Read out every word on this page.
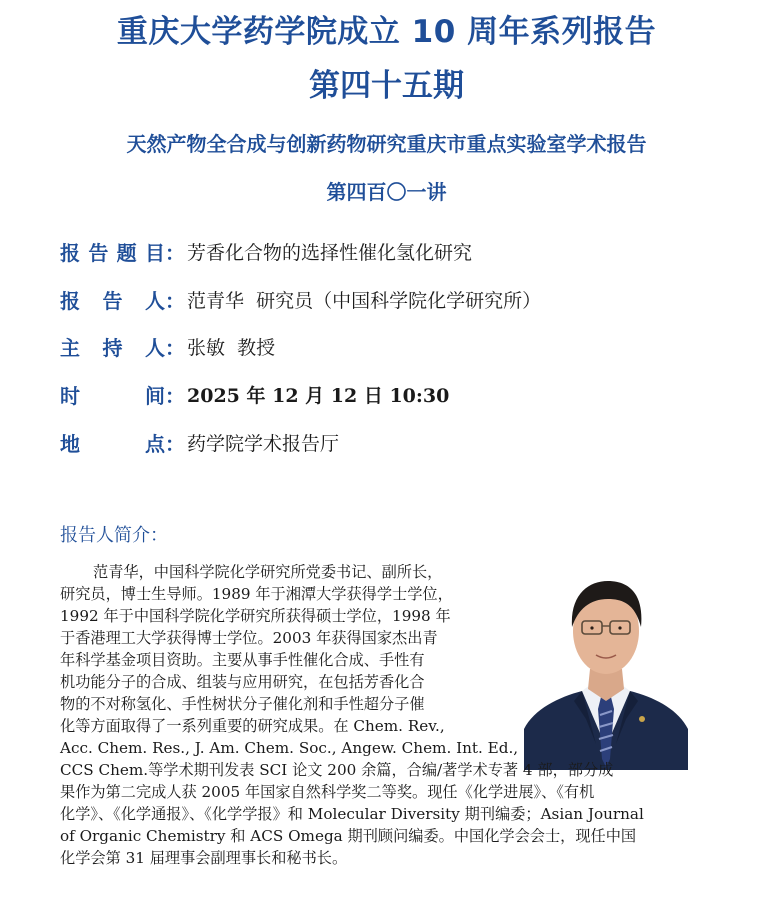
重庆大学药学院成立 10 周年系列报告
第四十五期
天然产物全合成与创新药物研究重庆市重点实验室学术报告
第四百〇一讲
报 告 题 目 ： 芳香化合物的选择性催化氢化研究
报 告 人 ： 范青华  研究员（中国科学院化学研究所）
主 持 人 ： 张敏  教授
时	间 ： 2025 年 12 月 12 日 10:30
地	点 ： 药学院学术报告厅
报告人简介：
范青华，中国科学院化学研究所党委书记、副所长，
研究员，博士生导师。1989 年于湘潭大学获得学士学位，
1992 年于中国科学院化学研究所获得硕士学位，1998 年
于香港理工大学获得博士学位。2003 年获得国家杰出青
年科学基金项目资助。主要从事手性催化合成、手性有
机功能分子的合成、组装与应用研究，在包括芳香化合
物的不对称氢化、手性树状分子催化剂和手性超分子催
化等方面取得了一系列重要的研究成果。在 Chem. Rev.,
Acc. Chem. Res., J. Am. Chem. Soc., Angew. Chem. Int. Ed.,
CCS Chem.等学术期刊发表 SCI 论文 200 余篇，合编/著学术专著 4 部，部分成
果作为第二完成人获 2005 年国家自然科学奖二等奖。现任《化学进展》、《有机
化学》、《化学通报》、《化学学报》和 Molecular Diversity 期刊编委；Asian Journal
of Organic Chemistry 和 ACS Omega 期刊顾问编委。中国化学会会士，现任中国
化学会第 31 届理事会副理事长和秘书长。
